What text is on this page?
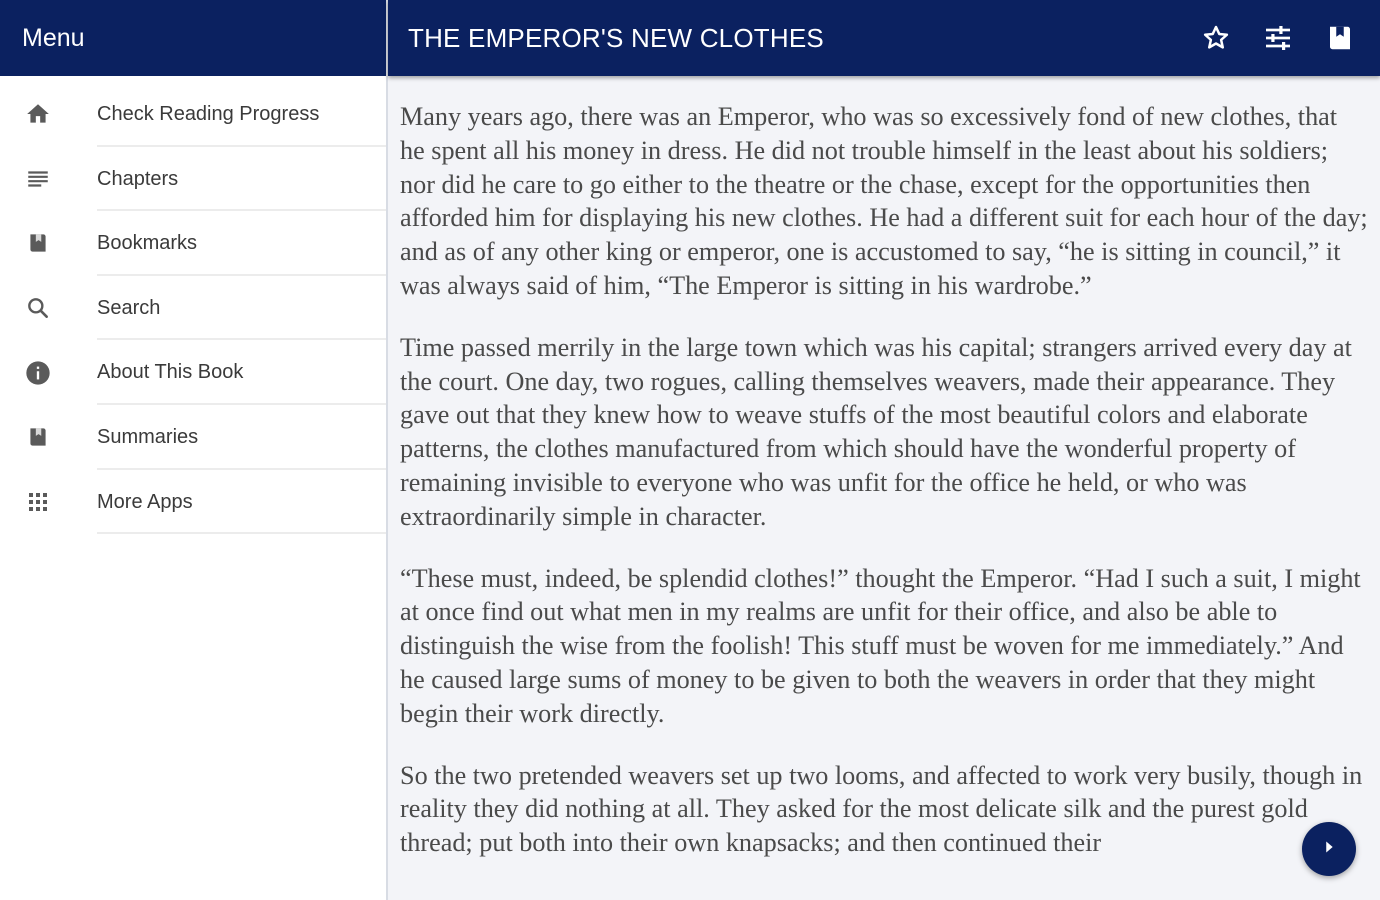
Menu
Check Reading Progress
Chapters
Bookmarks
Search
About This Book
Summaries
More Apps
THE EMPEROR'S NEW CLOTHES

Many years ago, there was an Emperor, who was so excessively fond of new clothes, that he spent all his money in dress. He did not trouble himself in the least about his soldiers; nor did he care to go either to the theatre or the chase, except for the opportunities then afforded him for displaying his new clothes. He had a different suit for each hour of the day; and as of any other king or emperor, one is accustomed to say, “he is sitting in council,” it was always said of him, “The Emperor is sitting in his wardrobe.”

Time passed merrily in the large town which was his capital; strangers arrived every day at the court. One day, two rogues, calling themselves weavers, made their appearance. They gave out that they knew how to weave stuffs of the most beautiful colors and elaborate patterns, the clothes manufactured from which should have the wonderful property of remaining invisible to everyone who was unfit for the office he held, or who was extraordinarily simple in character.

“These must, indeed, be splendid clothes!” thought the Emperor. “Had I such a suit, I might at once find out what men in my realms are unfit for their office, and also be able to distinguish the wise from the foolish! This stuff must be woven for me immediately.” And he caused large sums of money to be given to both the weavers in order that they might begin their work directly.

So the two pretended weavers set up two looms, and affected to work very busily, though in reality they did nothing at all. They asked for the most delicate silk and the purest gold thread; put both into their own knapsacks; and then continued their
